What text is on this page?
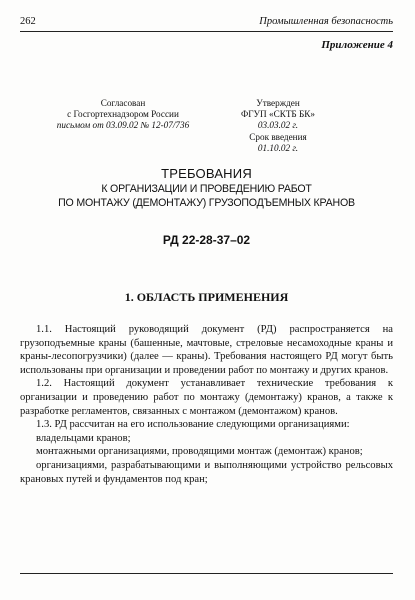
262	Промышленная безопасность
Приложение 4
Согласован
с Госгортехнадзором России
письмом от 03.09.02 № 12-07/736
Утвержден
ФГУП «СКТБ БК»
03.03.02 г.
Срок введения
01.10.02 г.
ТРЕБОВАНИЯ
К ОРГАНИЗАЦИИ И ПРОВЕДЕНИЮ РАБОТ
ПО МОНТАЖУ (ДЕМОНТАЖУ) ГРУЗОПОДЪЕМНЫХ КРАНОВ
РД 22-28-37–02
1. ОБЛАСТЬ ПРИМЕНЕНИЯ

1.1. Настоящий руководящий документ (РД) распространяется на грузоподъемные краны (башенные, мачтовые, стреловые несамоходные краны и краны-лесопогрузчики) (далее — краны). Требования настоящего РД могут быть использованы при организации и проведении работ по монтажу и других кранов.

1.2. Настоящий документ устанавливает технические требования к организации и проведению работ по монтажу (демонтажу) кранов, а также к разработке регламентов, связанных с монтажом (демонтажом) кранов.

1.3. РД рассчитан на его использование следующими организациями:

владельцами кранов;

монтажными организациями, проводящими монтаж (демонтаж) кранов;

организациями, разрабатывающими и выполняющими устройство рельсовых крановых путей и фундаментов под кран;
